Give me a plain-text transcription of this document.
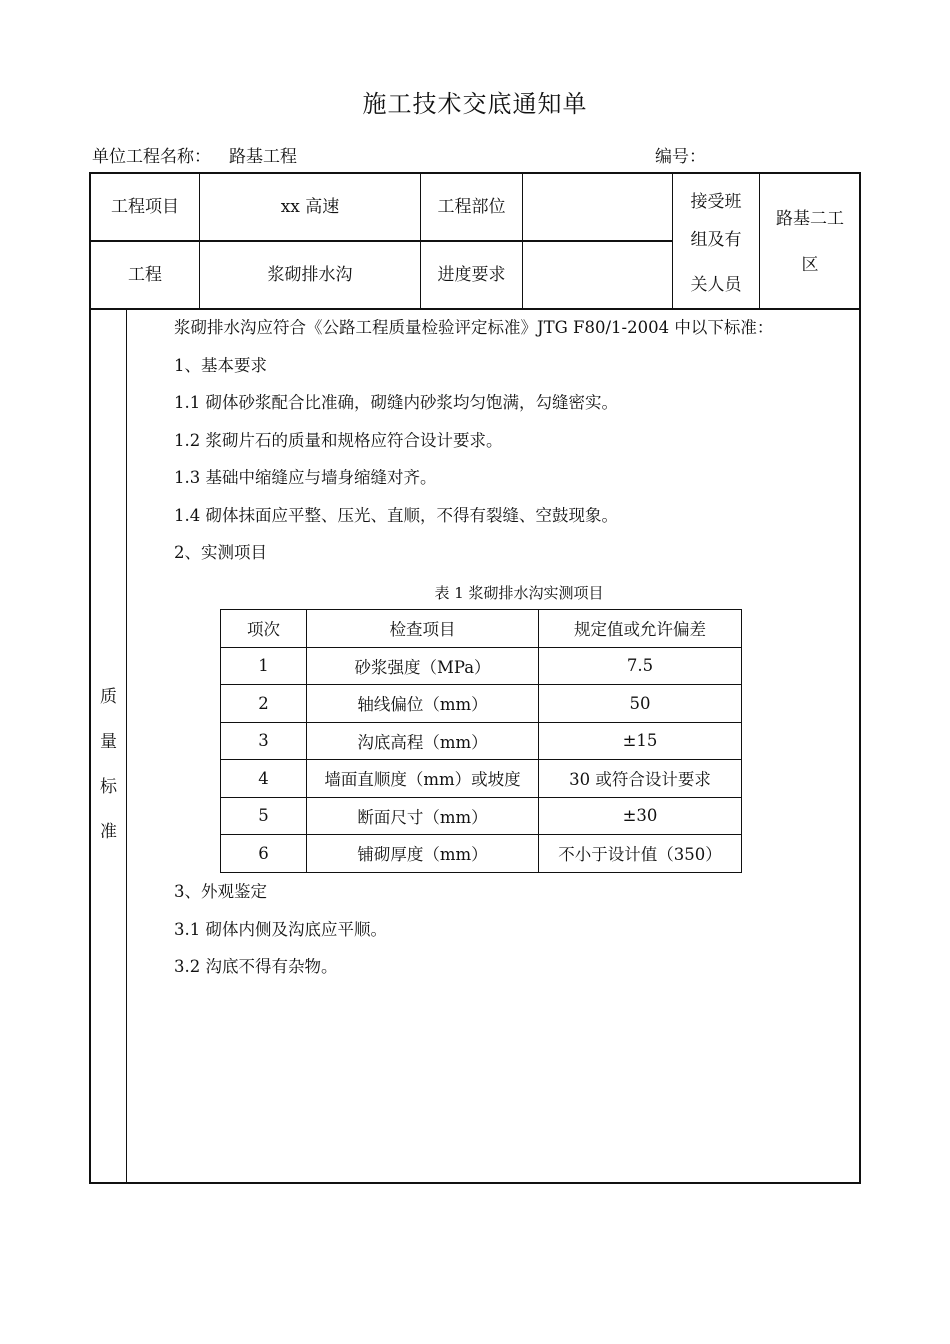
施工技术交底通知单
单位工程名称： 路基工程	编号：
工程项目	xx 高速	工程部位
工程	浆砌排水沟	进度要求
接受班
组及有
关人员
路基二工
区
质
量
标
准

浆砌排水沟应符合《公路工程质量检验评定标准》JTG F80/1-2004 中以下标准：

1、基本要求

1.1 砌体砂浆配合比准确，砌缝内砂浆均匀饱满，勾缝密实。

1.2 浆砌片石的质量和规格应符合设计要求。

1.3 基础中缩缝应与墙身缩缝对齐。

1.4 砌体抹面应平整、压光、直顺，不得有裂缝、空鼓现象。

2、实测项目

表 1 浆砌排水沟实测项目

项次	检查项目	规定值或允许偏差
1	砂浆强度（MPa）	7.5
2	轴线偏位（mm）	50
3	沟底高程（mm）	±15
4	墙面直顺度（mm）或坡度	30 或符合设计要求
5	断面尺寸（mm）	±30
6	铺砌厚度（mm）	不小于设计值（350）

3、外观鉴定

3.1 砌体内侧及沟底应平顺。

3.2 沟底不得有杂物。
